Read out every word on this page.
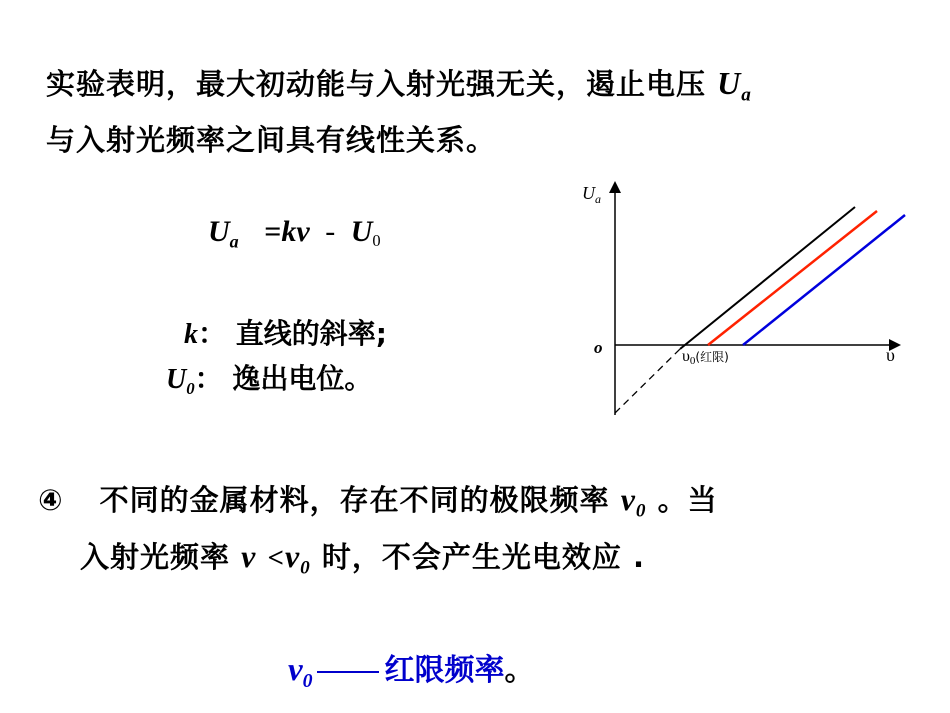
实验表明，最大初动能与入射光强无关，遏止电压 $U_a$
与入射光频率之间具有线性关系。
$U_a =k\nu - U0$
k： 直线的斜率;
$U_0$： 逸出电位。
$U_a$
o	υ
υ0(红限)
④ 不同的金属材料，存在不同的极限频率 $v_0$ 。当
入射光频率 $v <v_0$ 时，不会产生光电效应 .
$v_0$ 红限频率。
